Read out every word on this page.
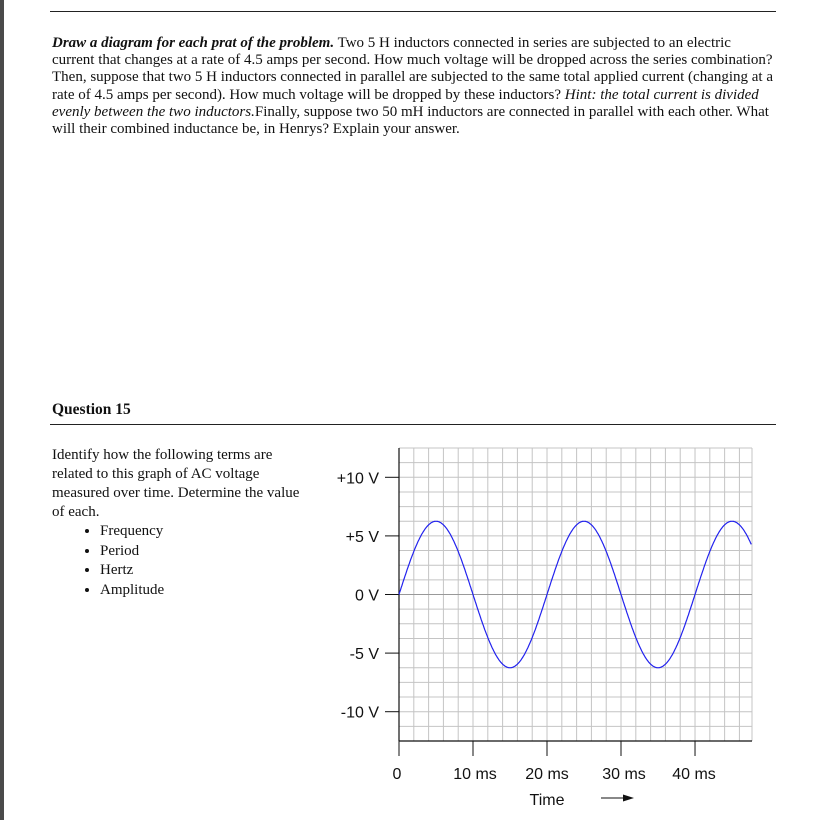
Draw a diagram for each prat of the problem. Two 5 H inductors connected in series are subjected to an electric current that changes at a rate of 4.5 amps per second. How much voltage will be dropped across the series combination? Then, suppose that two 5 H inductors connected in parallel are subjected to the same total applied current (changing at a rate of 4.5 amps per second). How much voltage will be dropped by these inductors? Hint: the total current is divided evenly between the two inductors.Finally, suppose two 50 mH inductors are connected in parallel with each other. What will their combined inductance be, in Henrys? Explain your answer.
Question 15
Identify how the following terms are related to this graph of AC voltage measured over time. Determine the value of each.
• Frequency
• Period
• Hertz
• Amplitude
+10 V
+5 V
0 V
-5 V
-10 V
0	10 ms 20 ms 30 ms 40 ms
Time
